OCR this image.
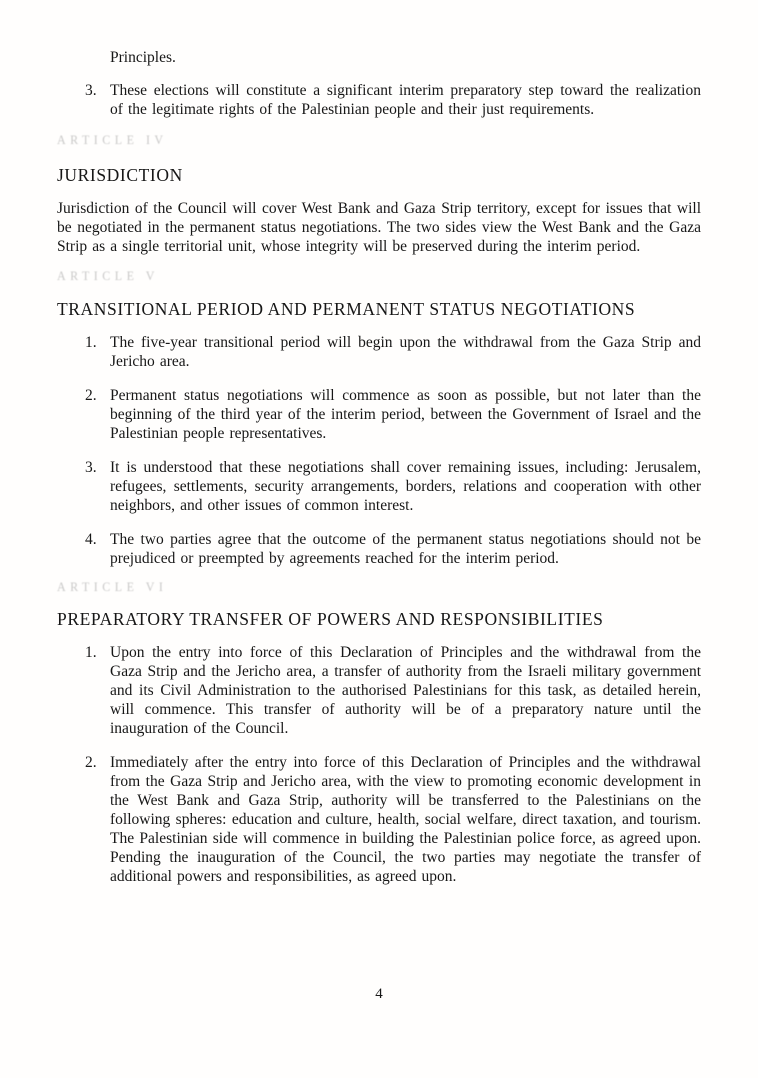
Principles.

3. These elections will constitute a significant interim preparatory step toward the realization of the legitimate rights of the Palestinian people and their just requirements.

ARTICLE IV
JURISDICTION

Jurisdiction of the Council will cover West Bank and Gaza Strip territory, except for issues that will be negotiated in the permanent status negotiations. The two sides view the West Bank and the Gaza Strip as a single territorial unit, whose integrity will be preserved during the interim period.

ARTICLE V
TRANSITIONAL PERIOD AND PERMANENT STATUS NEGOTIATIONS
1. The five-year transitional period will begin upon the withdrawal from the Gaza Strip and Jericho area.

2. Permanent status negotiations will commence as soon as possible, but not later than the beginning of the third year of the interim period, between the Government of Israel and the Palestinian people representatives.

3. It is understood that these negotiations shall cover remaining issues, including: Jerusalem, refugees, settlements, security arrangements, borders, relations and cooperation with other neighbors, and other issues of common interest.

4. The two parties agree that the outcome of the permanent status negotiations should not be prejudiced or preempted by agreements reached for the interim period.

ARTICLE VI
PREPARATORY TRANSFER OF POWERS AND RESPONSIBILITIES
1. Upon the entry into force of this Declaration of Principles and the withdrawal from the Gaza Strip and the Jericho area, a transfer of authority from the Israeli military government and its Civil Administration to the authorised Palestinians for this task, as detailed herein, will commence. This transfer of authority will be of a preparatory nature until the inauguration of the Council.

2. Immediately after the entry into force of this Declaration of Principles and the withdrawal from the Gaza Strip and Jericho area, with the view to promoting economic development in the West Bank and Gaza Strip, authority will be transferred to the Palestinians on the following spheres: education and culture, health, social welfare, direct taxation, and tourism. The Palestinian side will commence in building the Palestinian police force, as agreed upon. Pending the inauguration of the Council, the two parties may negotiate the transfer of additional powers and responsibilities, as agreed upon.

4
